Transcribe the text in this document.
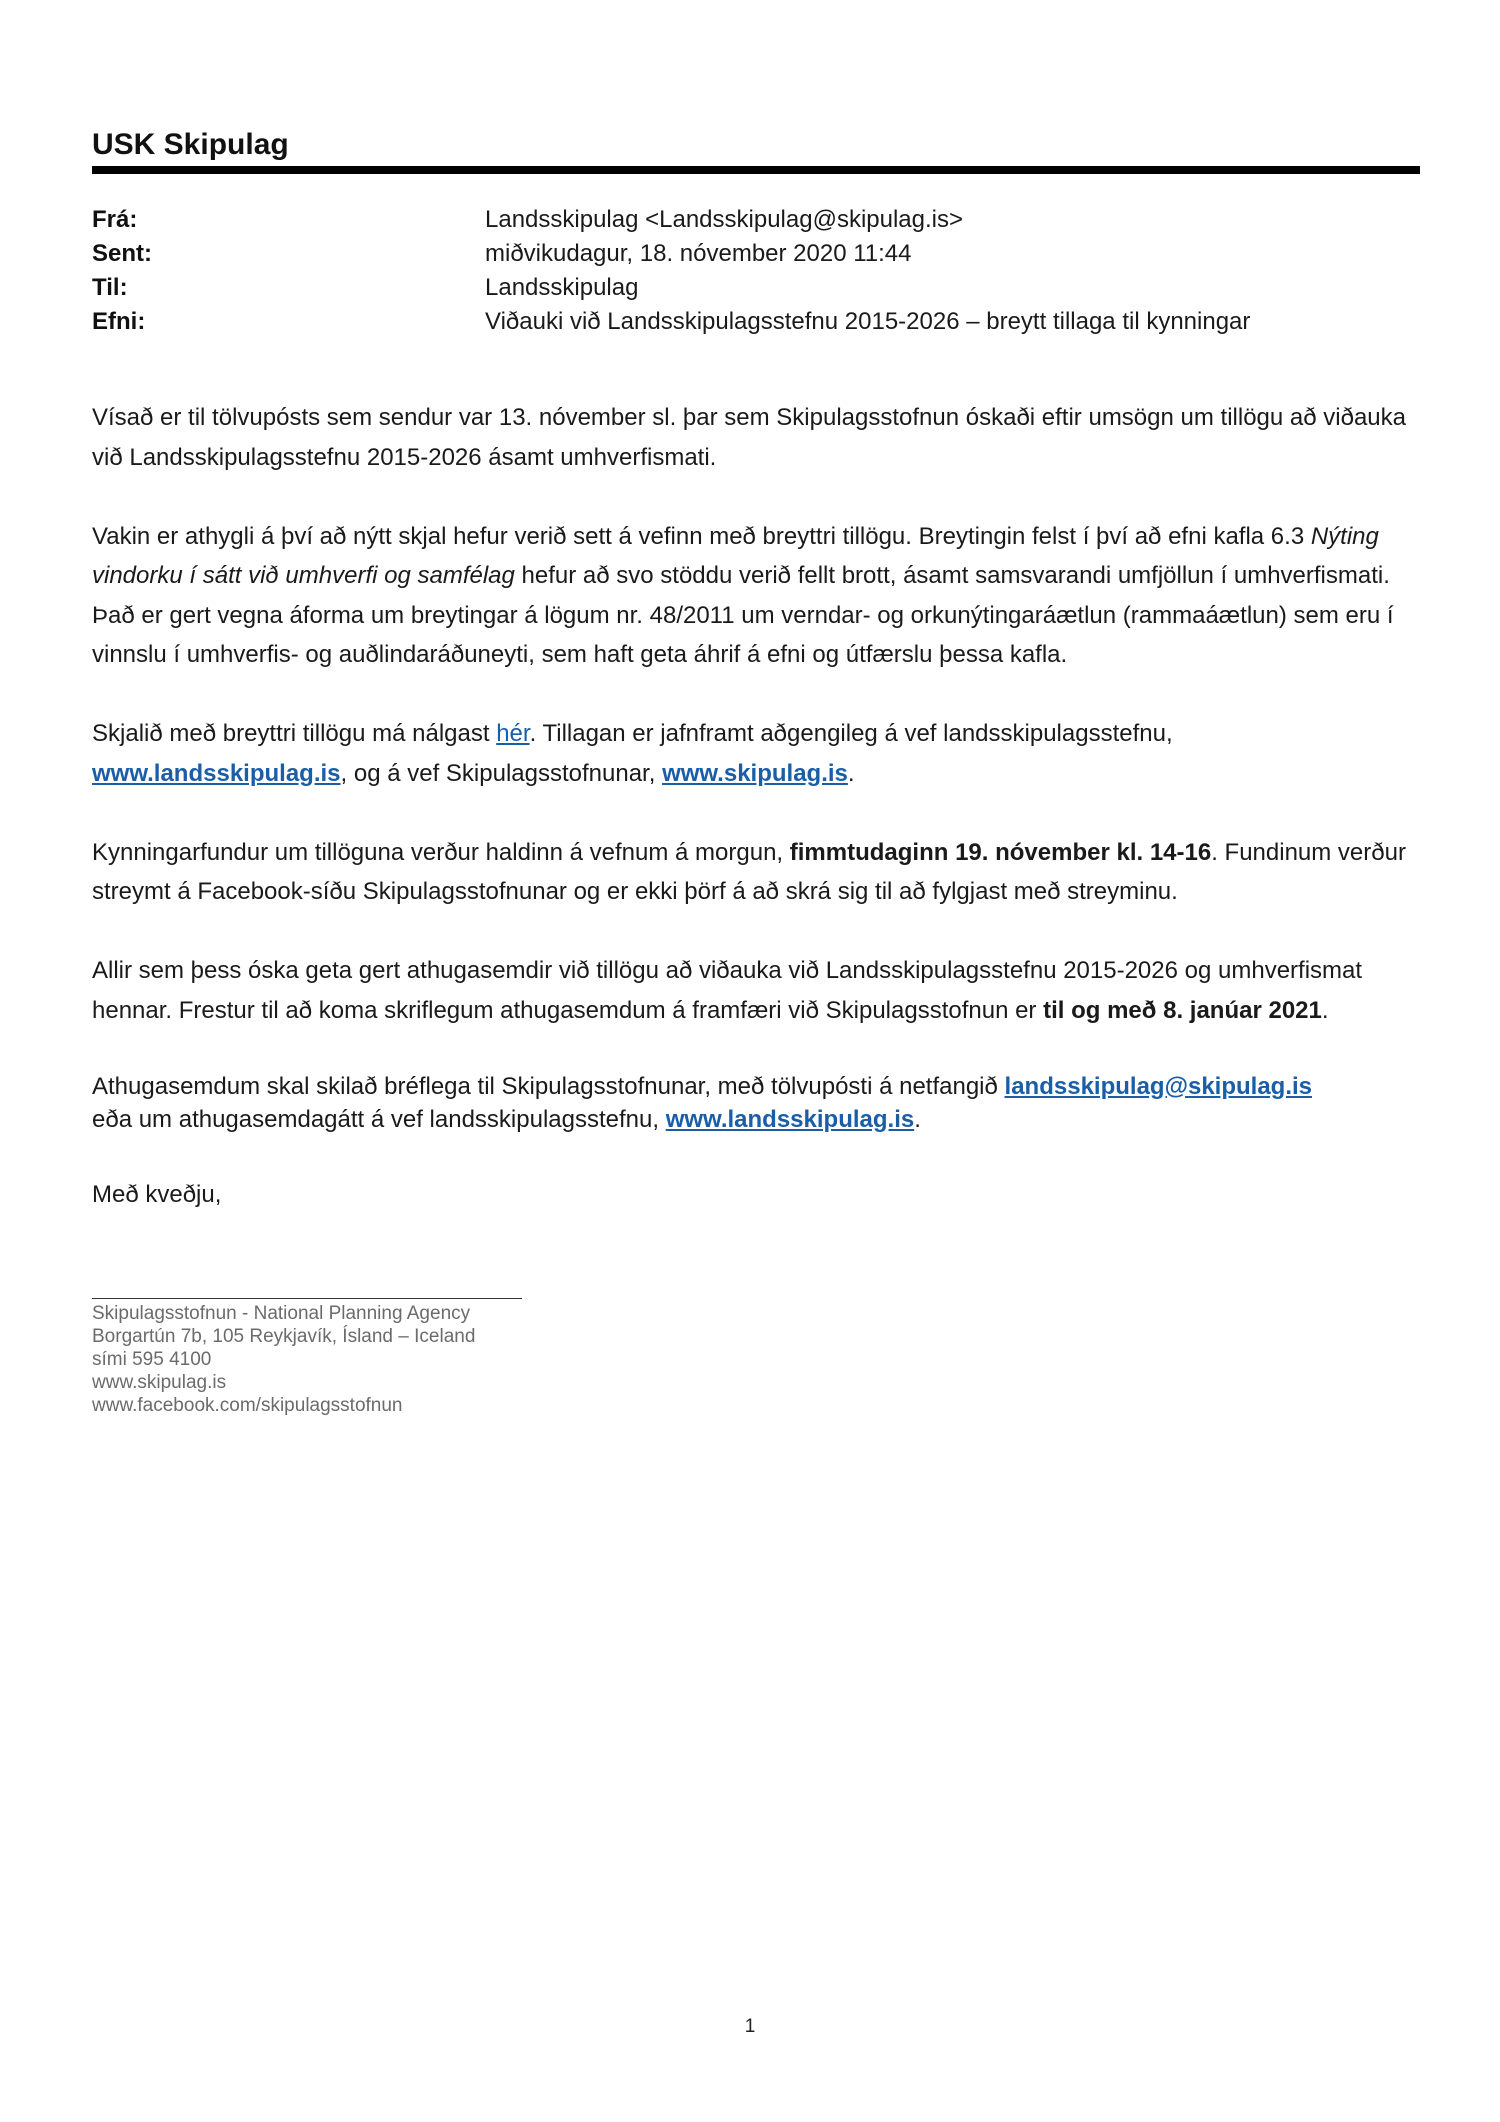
USK Skipulag
Frá:	Landsskipulag <Landsskipulag@skipulag.is>
Sent:	miðvikudagur, 18. nóvember 2020 11:44
Til:	Landsskipulag
Efni:	Viðauki við Landsskipulagsstefnu 2015-2026 – breytt tillaga til kynningar

Vísað er til tölvupósts sem sendur var 13. nóvember sl. þar sem Skipulagsstofnun óskaði eftir umsögn um tillögu að viðauka við Landsskipulagsstefnu 2015-2026 ásamt umhverfismati.

Vakin er athygli á því að nýtt skjal hefur verið sett á vefinn með breyttri tillögu. Breytingin felst í því að efni kafla 6.3 Nýting vindorku í sátt við umhverfi og samfélag hefur að svo stöddu verið fellt brott, ásamt samsvarandi umfjöllun í umhverfismati. Það er gert vegna áforma um breytingar á lögum nr. 48/2011 um verndar- og orkunýtingaráætlun (rammaáætlun) sem eru í vinnslu í umhverfis- og auðlindaráðuneyti, sem haft geta áhrif á efni og útfærslu þessa kafla.

Skjalið með breyttri tillögu má nálgast hér. Tillagan er jafnframt aðgengileg á vef landsskipulagsstefnu,
www.landsskipulag.is, og á vef Skipulagsstofnunar, www.skipulag.is.

Kynningarfundur um tillöguna verður haldinn á vefnum á morgun, fimmtudaginn 19. nóvember kl. 14-16. Fundinum verður streymt á Facebook-síðu Skipulagsstofnunar og er ekki þörf á að skrá sig til að fylgjast með streyminu.

Allir sem þess óska geta gert athugasemdir við tillögu að viðauka við Landsskipulagsstefnu 2015-2026 og umhverfismat hennar. Frestur til að koma skriflegum athugasemdum á framfæri við Skipulagsstofnun er til og með 8. janúar 2021.

Athugasemdum skal skilað bréflega til Skipulagsstofnunar, með tölvupósti á netfangið landsskipulag@skipulag.is
eða um athugasemdagátt á vef landsskipulagsstefnu, www.landsskipulag.is.

Með kveðju,

Skipulagsstofnun - National Planning Agency
Borgartún 7b, 105 Reykjavík, Ísland – Iceland
sími 595 4100
www.skipulag.is
www.facebook.com/skipulagsstofnun
1
